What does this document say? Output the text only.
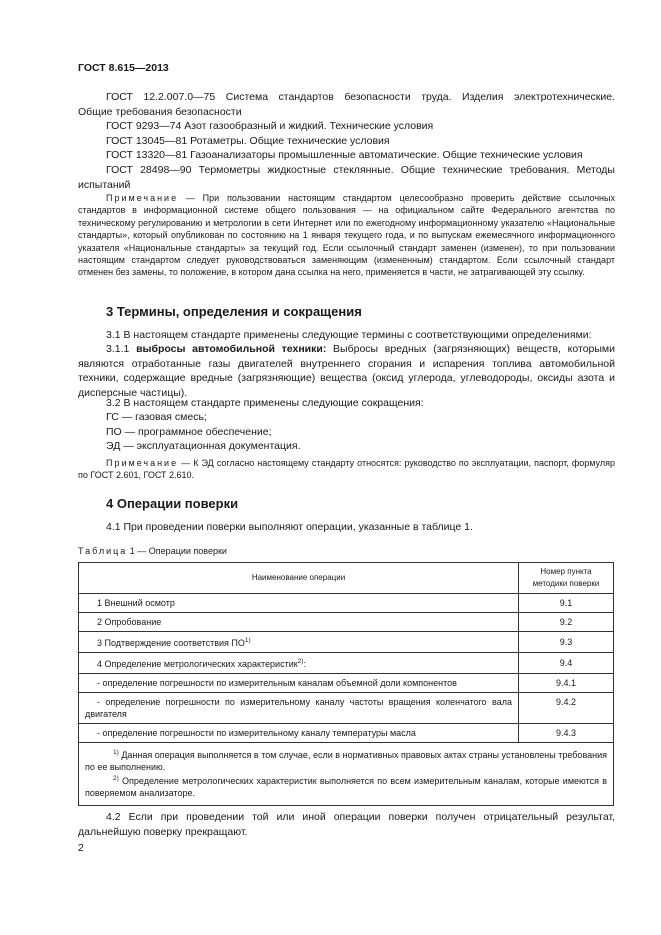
ГОСТ 8.615—2013
ГОСТ 12.2.007.0—75 Система стандартов безопасности труда. Изделия электротехнические.
Общие требования безопасности
ГОСТ 9293—74 Азот газообразный и жидкий. Технические условия
ГОСТ 13045—81 Ротаметры. Общие технические условия
ГОСТ 13320—81 Газоанализаторы промышленные автоматические. Общие технические условия
ГОСТ 28498—90 Термометры жидкостные стеклянные. Общие технические требования. Методы
испытаний
Примечание — При пользовании настоящим стандартом целесообразно проверить действие ссылочных стандартов в информационной системе общего пользования — на официальном сайте Федерального агентства по техническому регулированию и метрологии в сети Интернет или по ежегодному информационному указателю «Национальные стандарты», который опубликован по состоянию на 1 января текущего года, и по выпускам ежемесячного информационного указателя «Национальные стандарты» за текущий год. Если ссылочный стандарт заменен (изменен), то при пользовании настоящим стандартом следует руководствоваться заменяющим (измененным) стандартом. Если ссылочный стандарт отменен без замены, то положение, в котором дана ссылка на него, применяется в части, не затрагивающей эту ссылку.
3 Термины, определения и сокращения
3.1 В настоящем стандарте применены следующие термины с соответствующими определениями:
3.1.1 выбросы автомобильной техники: Выбросы вредных (загрязняющих) веществ, которыми являются отработанные газы двигателей внутреннего сгорания и испарения топлива автомобильной техники, содержащие вредные (загрязняющие) вещества (оксид углерода, углеводороды, оксиды азота и дисперсные частицы).
3.2 В настоящем стандарте применены следующие сокращения:
ГС — газовая смесь;
ПО — программное обеспечение;
ЭД — эксплуатационная документация.
Примечание — К ЭД согласно настоящему стандарту относятся: руководство по эксплуатации, паспорт, формуляр по ГОСТ 2.601, ГОСТ 2.610.
4 Операции поверки
4.1 При проведении поверки выполняют операции, указанные в таблице 1.
Таблица 1 — Операции поверки
Наименование операции	Номер пункта методики поверки
1 Внешний осмотр	9.1
2 Опробование	9.2
3 Подтверждение соответствия ПО$^{1)}$	9.3
4 Определение метрологических характеристик$^{2)}$:	9.4
- определение погрешности по измерительным каналам объемной доли компонентов	9.4.1
- определение погрешности по измерительному каналу частоты вращения коленчатого вала двигателя	9.4.2
- определение погрешности по измерительному каналу температуры масла	9.4.3

$^{1)}$ Данная операция выполняется в том случае, если в нормативных правовых актах страны установлены требования по ее выполнению.
$^{2)}$ Определение метрологических характеристик выполняется по всем измерительным каналам, которые имеются в поверяемом анализаторе.	
4.2 Если при проведении той или иной операции поверки получен отрицательный результат, дальнейшую поверку прекращают.
2
